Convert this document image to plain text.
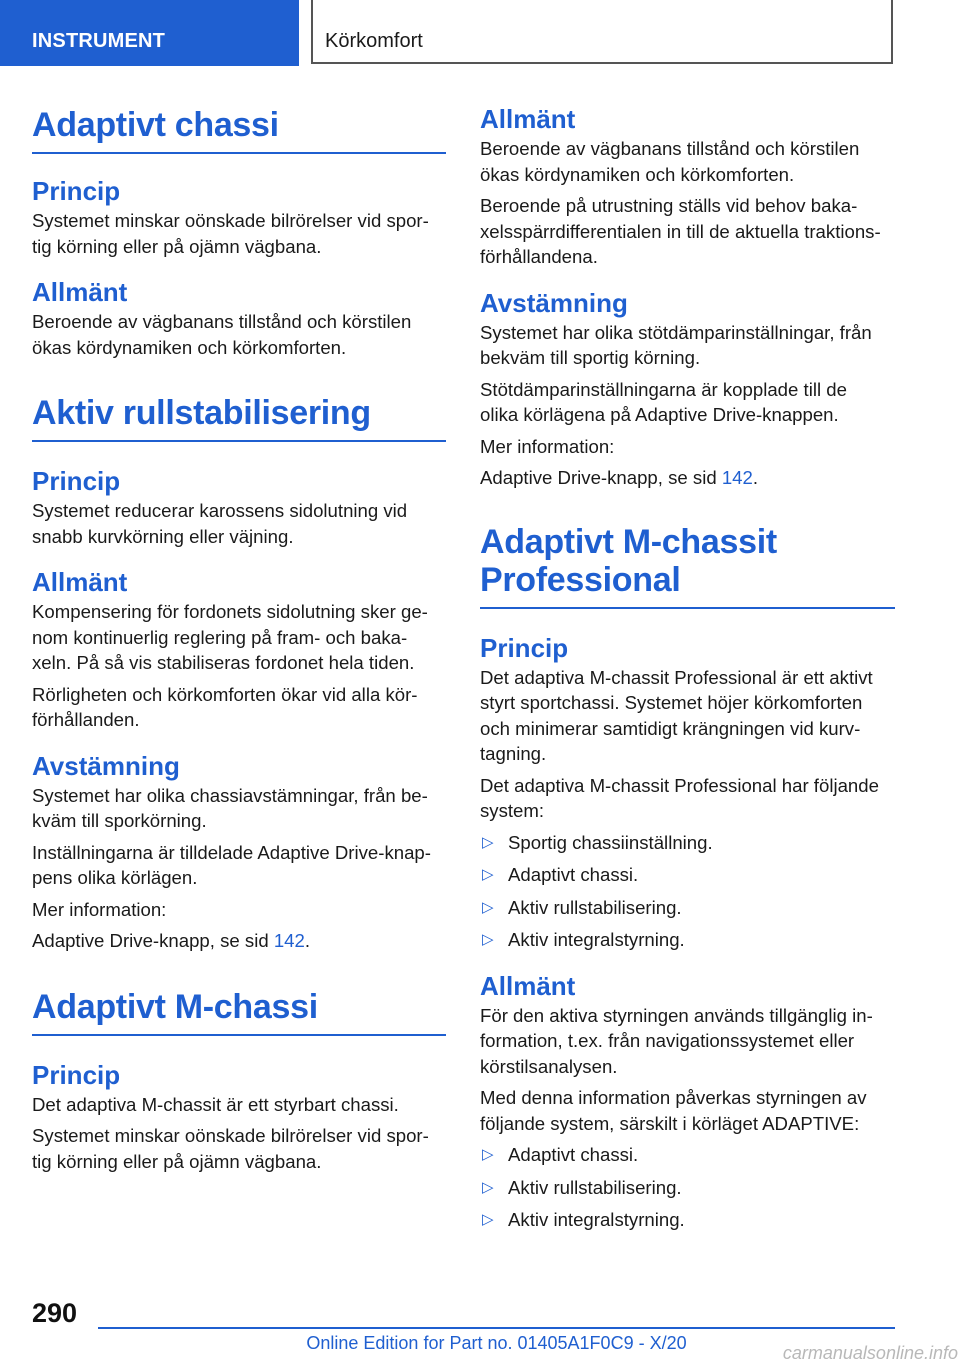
INSTRUMENT	Körkomfort
Adaptivt chassi
Princip

Systemet minskar oönskade bilrörelser vid spor-
tig körning eller på ojämn vägbana.

Allmänt

Beroende av vägbanans tillstånd och körstilen
ökas kördynamiken och körkomforten.

Aktiv rullstabilisering
Princip

Systemet reducerar karossens sidolutning vid
snabb kurvkörning eller väjning.

Allmänt

Kompensering för fordonets sidolutning sker ge-
nom kontinuerlig reglering på fram- och baka-
xeln. På så vis stabiliseras fordonet hela tiden.

Rörligheten och körkomforten ökar vid alla kör-
förhållanden.

Avstämning

Systemet har olika chassiavstämningar, från be-
kväm till sporkörning.

Inställningarna är tilldelade Adaptive Drive-knap-
pens olika körlägen.

Mer information:

Adaptive Drive-knapp, se sid 142.

Adaptivt M-chassi
Princip

Det adaptiva M-chassit är ett styrbart chassi.

Systemet minskar oönskade bilrörelser vid spor-
tig körning eller på ojämn vägbana.

Allmänt

Beroende av vägbanans tillstånd och körstilen
ökas kördynamiken och körkomforten.

Beroende på utrustning ställs vid behov baka-
xelsspärrdifferentialen in till de aktuella traktions-
förhållandena.

Avstämning

Systemet har olika stötdämparinställningar, från
bekväm till sportig körning.

Stötdämparinställningarna är kopplade till de
olika körlägena på Adaptive Drive-knappen.

Mer information:

Adaptive Drive-knapp, se sid 142.

Adaptivt M-chassit
Professional
Princip

Det adaptiva M-chassit Professional är ett aktivt
styrt sportchassi. Systemet höjer körkomforten
och minimerar samtidigt krängningen vid kurv-
tagning.

Det adaptiva M-chassit Professional har följande
system:

▷ Sportig chassiinställning.
▷ Adaptivt chassi.
▷ Aktiv rullstabilisering.
▷ Aktiv integralstyrning.
Allmänt

För den aktiva styrningen används tillgänglig in-
formation, t.ex. från navigationssystemet eller
körstilsanalysen.

Med denna information påverkas styrningen av
följande system, särskilt i körläget ADAPTIVE:

▷ Adaptivt chassi.
▷ Aktiv rullstabilisering.
▷ Aktiv integralstyrning.
290
Online Edition for Part no. 01405A1F0C9 - X/20	carmanualsonline.info
